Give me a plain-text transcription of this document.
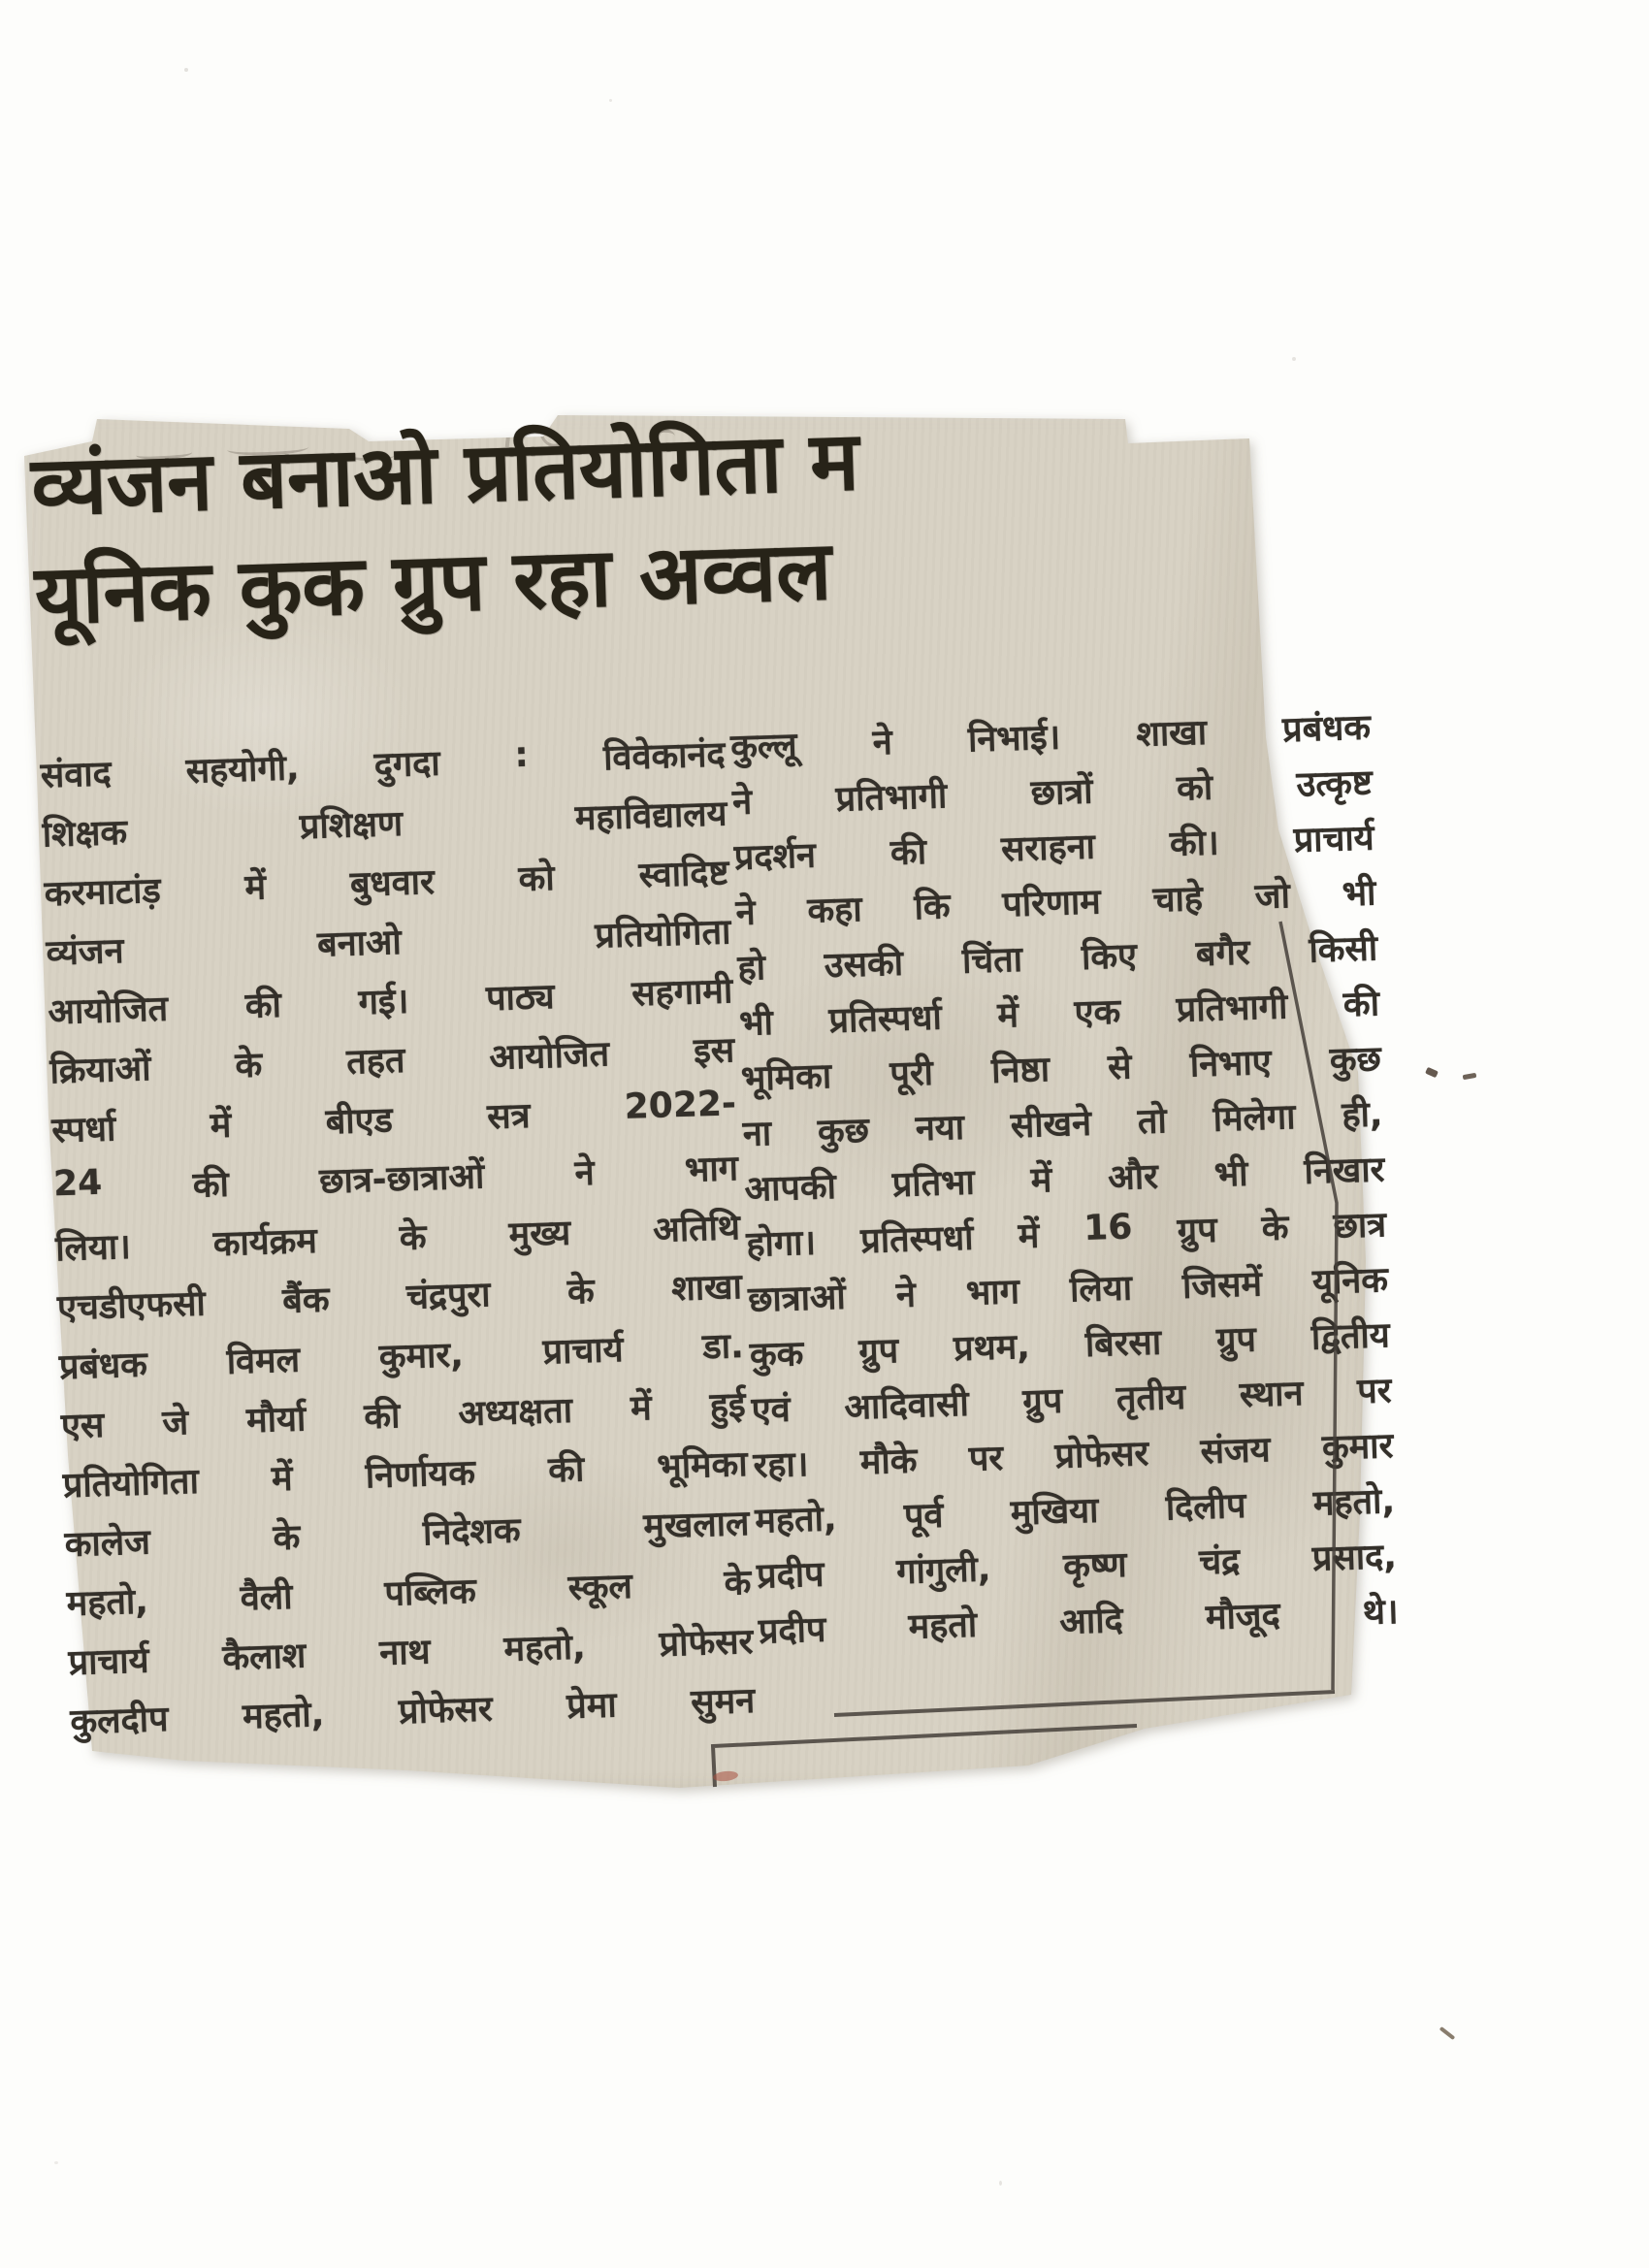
व्यंजन बनाओ प्रतियोगिता म
यूनिक कुक ग्रुप रहा अव्वल
संवाद सहयोगी, दुगदा : विवेकानंद
शिक्षक	प्रशिक्षण	महाविद्यालय
करमाटांड़ में बुधवार को स्वादिष्ट
व्यंजन	बनाओ	प्रतियोगिता
आयोजित की गई। पाठ्य सहगामी
क्रियाओं के तहत आयोजित इस
स्पर्धा	में	बीएड	सत्र	2022-
24	की	छात्र-छात्राओं	ने	भाग
लिया। कार्यक्रम के मुख्य अतिथि
एचडीएफसी बैंक चंद्रपुरा के शाखा
प्रबंधक विमल कुमार, प्राचार्य डा.
एस जे मौर्या की अध्यक्षता में हुई
प्रतियोगिता में निर्णायक की भूमिका
कालेज	के	निदेशक	मुखलाल
महतो,	वैली	पब्लिक	स्कूल	के
प्राचार्य कैलाश नाथ महतो, प्रोफेसर
कुलदीप महतो, प्रोफेसर प्रेमा सुमन
कुल्लू ने निभाई। शाखा प्रबंधक
ने प्रतिभागी छात्रों को उत्कृष्ट
प्रदर्शन की सराहना की। प्राचार्य
ने कहा कि परिणाम चाहे जो भी
हो उसकी चिंता किए बगैर किसी
भी प्रतिस्पर्धा में एक प्रतिभागी की
भूमिका पूरी निष्ठा से निभाए कुछ
ना कुछ नया सीखने तो मिलेगा ही,
आपकी प्रतिभा में और भी निखार
होगा। प्रतिस्पर्धा में 16 ग्रुप के छात्र
छात्राओं ने भाग लिया जिसमें यूनिक
कुक ग्रुप प्रथम, बिरसा ग्रुप द्वितीय
एवं आदिवासी ग्रुप तृतीय स्थान पर
रहा। मौके पर प्रोफेसर संजय कुमार
महतो, पूर्व मुखिया दिलीप महतो,
प्रदीप गांगुली, कृष्ण चंद्र प्रसाद,
प्रदीप महतो आदि मौजूद थे।
